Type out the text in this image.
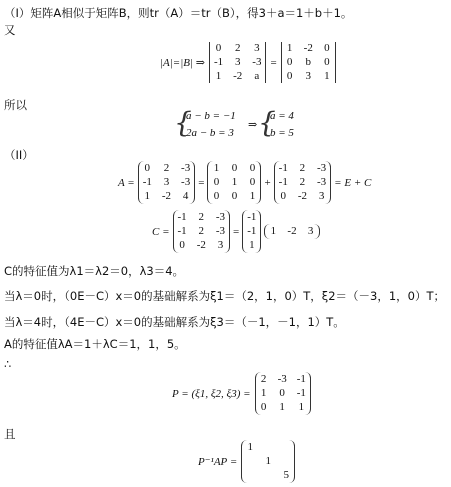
（I）矩阵A相似于矩阵B，则tr（A）＝tr（B），得3＋a＝1＋b＋1。
又
|A|=|B| ⇒
0 2 3
-1 3 -3
1 -2 a
=
1 -2 0
0 b 0
0 3 1
所以
{
a − b = −1
2a − b = 3
⇒ {
a = 4
b = 5
（II）
A =
0 2 -3
-1 3 -3
1 -2 4
=
1 0 0
0 1 0
0 0 1
+
-1 2 -3
-1 2 -3
0 -2 3
= E + C
C =
-1 2 -3
-1 2 -3
0 -2 3
=
-1
-1
1
1 -2 3
C的特征值为λ1＝λ2＝0，λ3＝4。
当λ＝0时，（0E－C）x＝0的基础解系为ξ1＝（2，1，0）T，ξ2＝（－3，1，0）T；
当λ＝4时，（4E－C）x＝0的基础解系为ξ3＝（－1，－1，1）T。
A的特征值λA＝1＋λC＝1，1，5。
∴
P = (ξ1, ξ2, ξ3) =
2 -3 -1
1 0 -1
0 1 1
且
P⁻¹AP =
1
1
5
